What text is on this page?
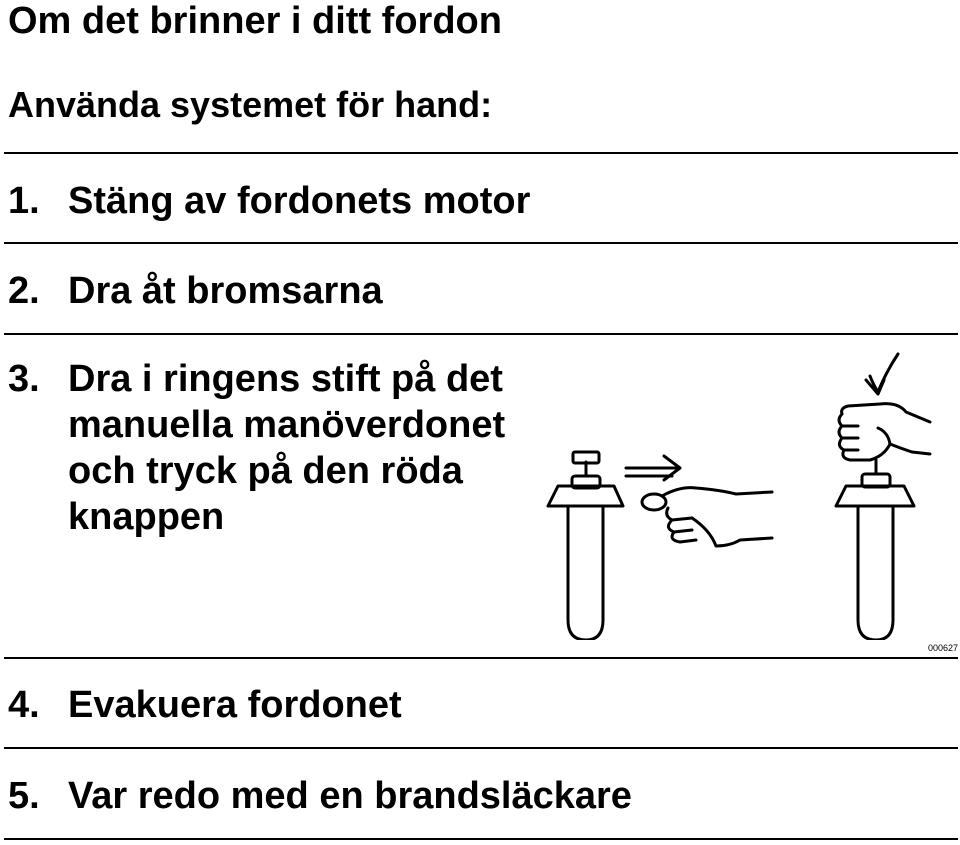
Om det brinner i ditt fordon
Använda systemet för hand:
1. Stäng av fordonets motor
2. Dra åt bromsarna
3. Dra i ringens stift på det
manuella manöverdonet
och tryck på den röda
knappen
000627
4. Evakuera fordonet
5. Var redo med en brandsläckare
